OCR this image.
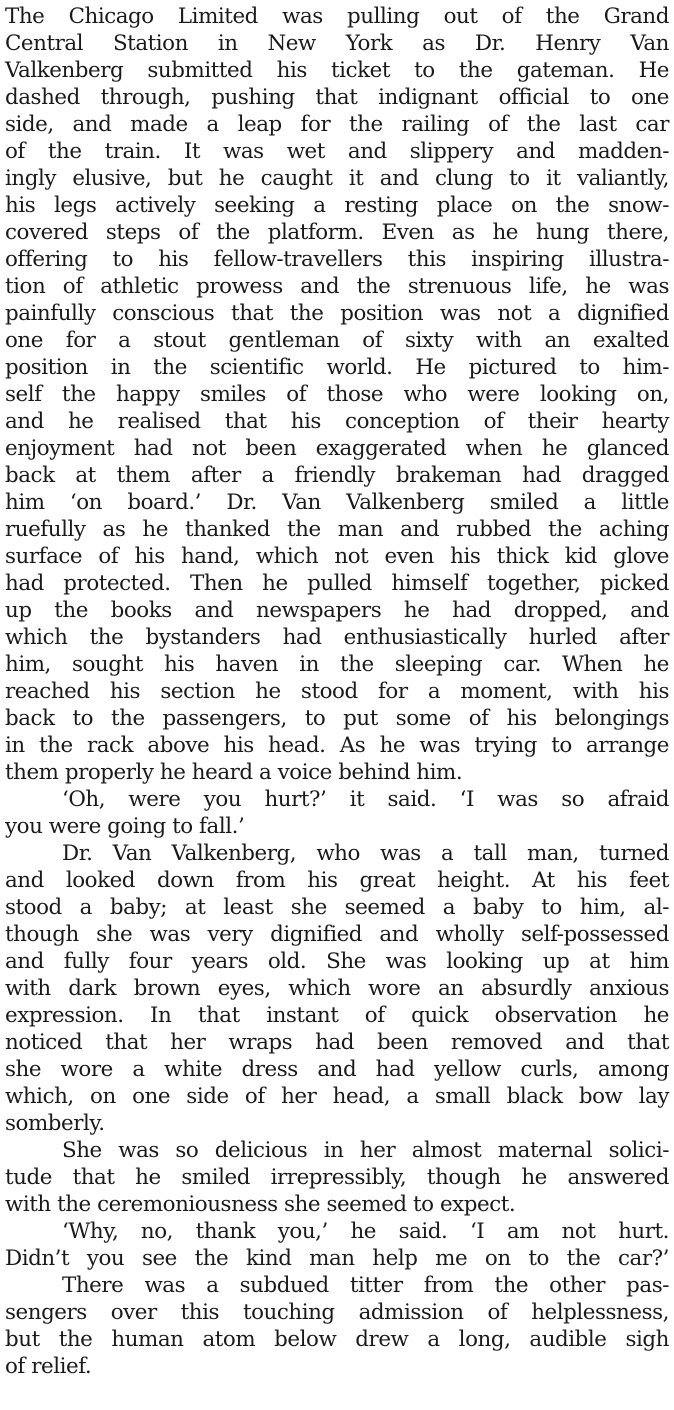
The Chicago Limited was pulling out of the Grand
Central Station in New York as Dr. Henry Van
Valkenberg submitted his ticket to the gateman. He
dashed through, pushing that indignant official to one
side, and made a leap for the railing of the last car
of the train. It was wet and slippery and madden-
ingly elusive, but he caught it and clung to it valiantly,
his legs actively seeking a resting place on the snow-
covered steps of the platform. Even as he hung there,
offering to his fellow-travellers this inspiring illustra-
tion of athletic prowess and the strenuous life, he was
painfully conscious that the position was not a dignified
one for a stout gentleman of sixty with an exalted
position in the scientific world. He pictured to him-
self the happy smiles of those who were looking on,
and he realised that his conception of their hearty
enjoyment had not been exaggerated when he glanced
back at them after a friendly brakeman had dragged
him ‘on board.’ Dr. Van Valkenberg smiled a little
ruefully as he thanked the man and rubbed the aching
surface of his hand, which not even his thick kid glove
had protected. Then he pulled himself together, picked
up the books and newspapers he had dropped, and
which the bystanders had enthusiastically hurled after
him, sought his haven in the sleeping car. When he
reached his section he stood for a moment, with his
back to the passengers, to put some of his belongings
in the rack above his head. As he was trying to arrange
them properly he heard a voice behind him.
‘Oh, were you hurt?’ it said. ‘I was so afraid
you were going to fall.’
Dr. Van Valkenberg, who was a tall man, turned
and looked down from his great height. At his feet
stood a baby; at least she seemed a baby to him, al-
though she was very dignified and wholly self-possessed
and fully four years old. She was looking up at him
with dark brown eyes, which wore an absurdly anxious
expression. In that instant of quick observation he
noticed that her wraps had been removed and that
she wore a white dress and had yellow curls, among
which, on one side of her head, a small black bow lay
somberly.
She was so delicious in her almost maternal solici-
tude that he smiled irrepressibly, though he answered
with the ceremoniousness she seemed to expect.
‘Why, no, thank you,’ he said. ‘I am not hurt.
Didn’t you see the kind man help me on to the car?’
There was a subdued titter from the other pas-
sengers over this touching admission of helplessness,
but the human atom below drew a long, audible sigh
of relief.
